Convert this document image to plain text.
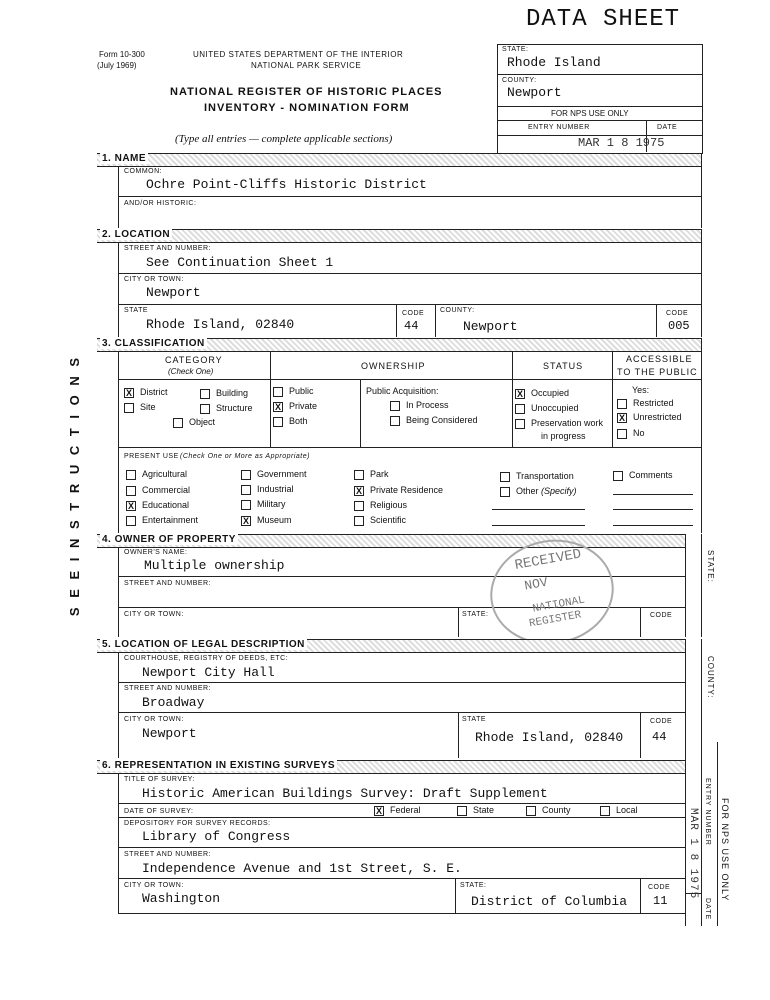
DATA SHEET
Form 10-300
(July 1969)
UNITED STATES DEPARTMENT OF THE INTERIOR
NATIONAL PARK SERVICE
NATIONAL REGISTER OF HISTORIC PLACES
INVENTORY - NOMINATION FORM
(Type all entries — complete applicable sections)
STATE:
Rhode Island
COUNTY:
Newport
FOR NPS USE ONLY
ENTRY NUMBER	DATE
MAR 1 8 1975
S E E I N S T R U C T I O N S
1. NAME
COMMON:
Ochre Point-Cliffs Historic District
AND/OR HISTORIC:
2. LOCATION
STREET AND NUMBER:
See Continuation Sheet 1
CITY OR TOWN:
Newport
STATE
Rhode Island, 02840
CODE
44
COUNTY:
Newport
CODE
005
3. CLASSIFICATION
CATEGORY
(Check One)
OWNERSHIP	STATUS
ACCESSIBLE
TO THE PUBLIC
X District	Building
Site	Structure
Object
Public
X Private
Both
Public Acquisition:
In Process
Being Considered
X Occupied
Unoccupied
Preservation work
in progress
Yes:
Restricted
X Unrestricted
No
PRESENT USE (Check One or More as Appropriate)
Agricultural
Commercial
X Educational
Entertainment
Government
Industrial
Military
X Museum
Park
X Private Residence
Religious
Scientific
Transportation
Other (Specify)
Comments
4. OWNER OF PROPERTY
OWNER'S NAME:
Multiple ownership
STREET AND NUMBER:
CITY OR TOWN:	STATE:	CODE
STATE:
RECEIVED
NOV
NATIONAL
REGISTER
5. LOCATION OF LEGAL DESCRIPTION
COURTHOUSE, REGISTRY OF DEEDS, ETC:
Newport City Hall
STREET AND NUMBER:
Broadway
CITY OR TOWN:
Newport
STATE
Rhode Island, 02840
CODE
44
COUNTY:
6. REPRESENTATION IN EXISTING SURVEYS
TITLE OF SURVEY:
Historic American Buildings Survey: Draft Supplement
DATE OF SURVEY:	X Federal	State	County	Local
DEPOSITORY FOR SURVEY RECORDS:
Library of Congress
STREET AND NUMBER:
Independence Avenue and 1st Street, S. E.
CITY OR TOWN:
Washington
STATE:
District of Columbia
CODE
11	FOR NPS USE ONLY
ENTRY NUMBER
DATE
MAR 1 8 1975
